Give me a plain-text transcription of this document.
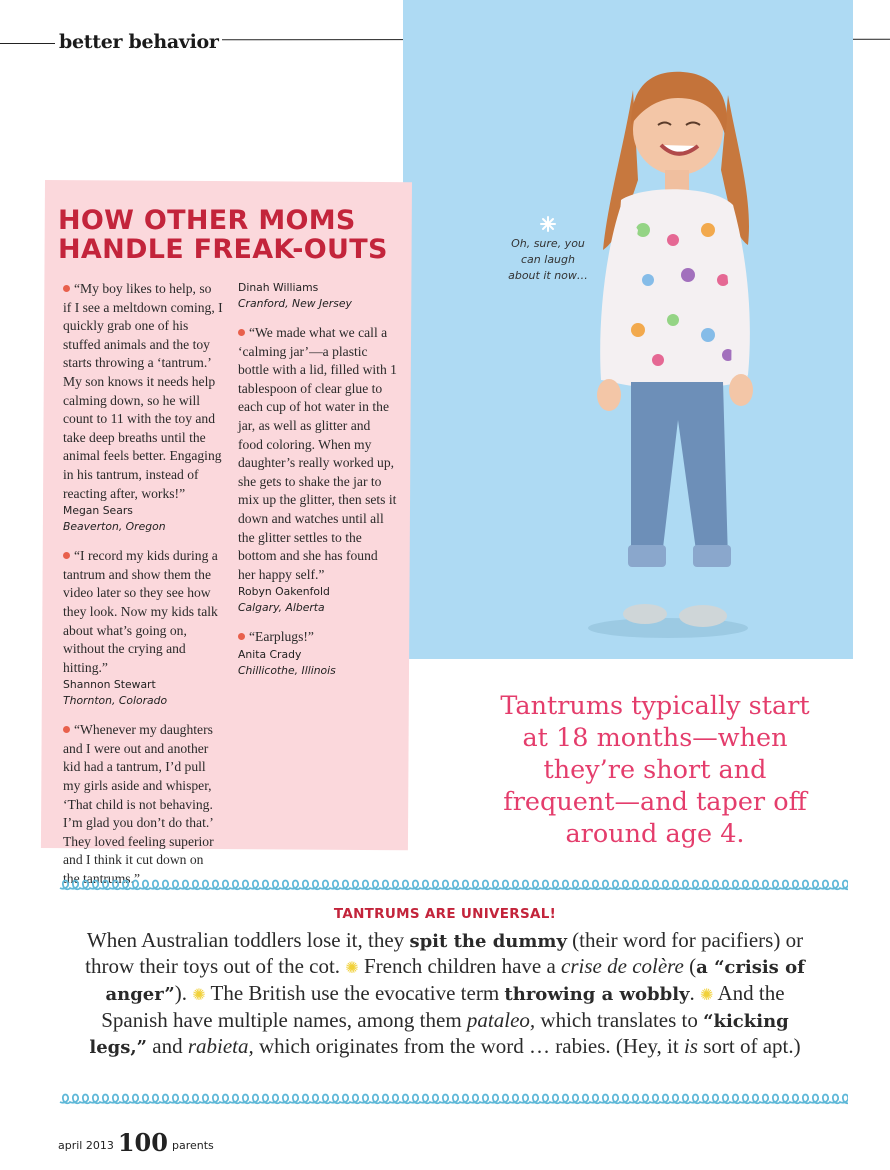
better behavior
HOW OTHER MOMS
HANDLE FREAK-OUTS

“My boy likes to help, so if I see a meltdown coming, I quickly grab one of his stuffed animals and the toy starts throwing a ‘tantrum.’ My son knows it needs help calming down, so he will count to 11 with the toy and take deep breaths until the animal feels better. Engaging in his tantrum, instead of reacting after, works!”

Megan Sears
Beaverton, Oregon

“I record my kids during a tantrum and show them the video later so they see how they look. Now my kids talk about what’s going on, without the crying and hitting.”

Shannon Stewart
Thornton, Colorado

“Whenever my daughters and I were out and another kid had a tantrum, I’d pull my girls aside and whisper, ‘That child is not behaving. I’m glad you don’t do that.’ They loved feeling superior and I think it cut down on the tantrums.”

Dinah Williams
Cranford, New Jersey

“We made what we call a ‘calming jar’—a plastic bottle with a lid, filled with 1 tablespoon of clear glue to each cup of hot water in the jar, as well as glitter and food coloring. When my daughter’s really worked up, she gets to shake the jar to mix up the glitter, then sets it down and watches until all the glitter settles to the bottom and she has found her happy self.”

Robyn Oakenfold
Calgary, Alberta

“Earplugs!”

Anita Crady
Chillicothe, Illinois
Oh, sure, you
can laugh
about it now…
Tantrums typically start
at 18 months—when
they’re short and
frequent—and taper off
around age 4.
TANTRUMS ARE UNIVERSAL!
When Australian toddlers lose it, they spit the dummy (their word for pacifiers) or throw their toys out of the cot. ✺ French children have a crise de colère (a “crisis of anger”). ✺ The British use the evocative term throwing a wobbly. ✺ And the Spanish have multiple names, among them pataleo, which translates to “kicking legs,” and rabieta, which originates from the word … rabies. (Hey, it is sort of apt.)
april 2013 100 parents
